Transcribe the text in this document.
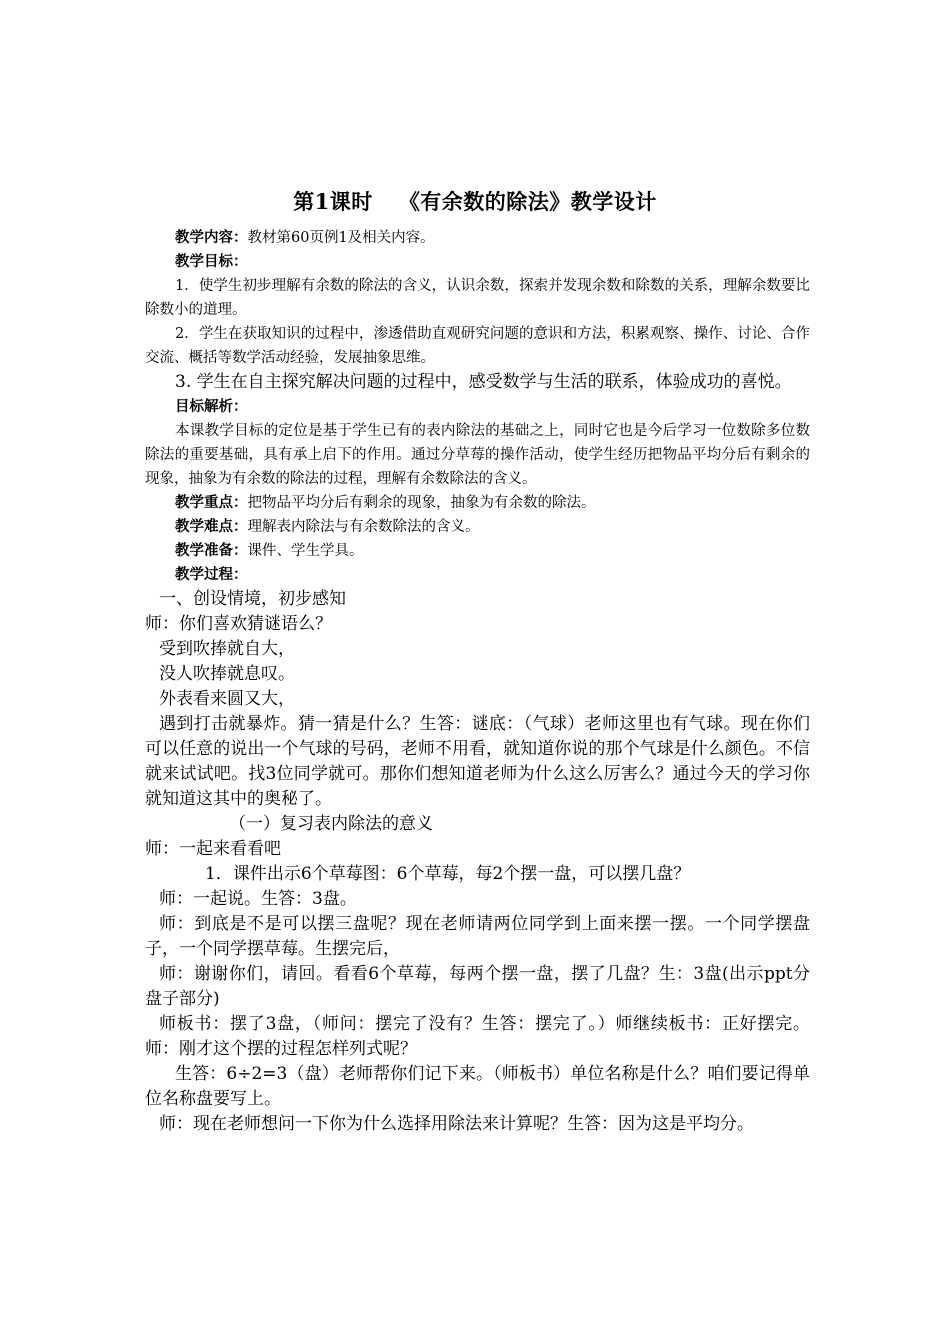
第1课时 《有余数的除法》教学设计

教学内容：教材第60页例1及相关内容。

教学目标：

1．使学生初步理解有余数的除法的含义，认识余数，探索并发现余数和除数的关系，理解余数要比除数小的道理。

2．学生在获取知识的过程中，渗透借助直观研究问题的意识和方法，积累观察、操作、讨论、合作交流、概括等数学活动经验，发展抽象思维。

3. 学生在自主探究解决问题的过程中，感受数学与生活的联系，体验成功的喜悦。

目标解析：

本课教学目标的定位是基于学生已有的表内除法的基础之上，同时它也是今后学习一位数除多位数除法的重要基础，具有承上启下的作用。通过分草莓的操作活动，使学生经历把物品平均分后有剩余的现象，抽象为有余数的除法的过程，理解有余数除法的含义。

教学重点：把物品平均分后有剩余的现象，抽象为有余数的除法。

教学难点：理解表内除法与有余数除法的含义。

教学准备：课件、学生学具。

教学过程：

一、创设情境，初步感知

师：你们喜欢猜谜语么？

受到吹捧就自大，

没人吹捧就息叹。

外表看来圆又大，

遇到打击就暴炸。猜一猜是什么？生答：谜底：（气球）老师这里也有气球。现在你们可以任意的说出一个气球的号码，老师不用看，就知道你说的那个气球是什么颜色。不信就来试试吧。找3位同学就可。那你们想知道老师为什么这么厉害么？通过今天的学习你就知道这其中的奥秘了。

（一）复习表内除法的意义

师：一起来看看吧

1．课件出示6个草莓图：6个草莓，每2个摆一盘，可以摆几盘？

师：一起说。生答：3盘。

师：到底是不是可以摆三盘呢？现在老师请两位同学到上面来摆一摆。一个同学摆盘子，一个同学摆草莓。生摆完后，

师：谢谢你们，请回。看看6个草莓，每两个摆一盘，摆了几盘？生：3盘(出示ppt分盘子部分)

师板书：摆了3盘，（师问：摆完了没有？生答：摆完了。）师继续板书：正好摆完。师：刚才这个摆的过程怎样列式呢？

生答：6÷2=3（盘）老师帮你们记下来。（师板书）单位名称是什么？咱们要记得单位名称盘要写上。

师：现在老师想问一下你为什么选择用除法来计算呢？生答：因为这是平均分。
